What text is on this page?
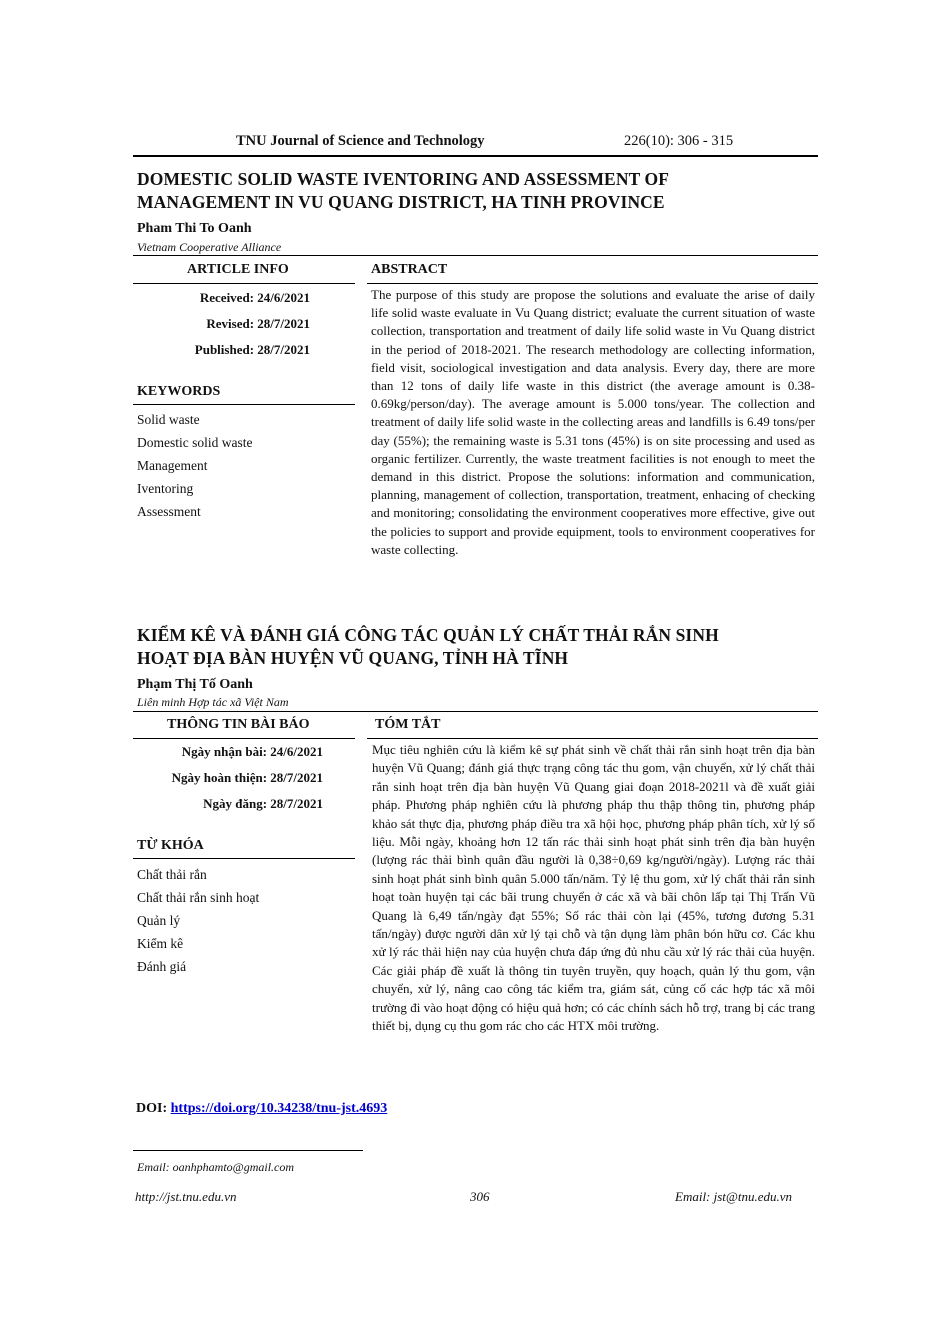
TNU Journal of Science and Technology	226(10): 306 - 315
DOMESTIC SOLID WASTE IVENTORING AND ASSESSMENT OF
MANAGEMENT IN VU QUANG DISTRICT, HA TINH PROVINCE
Pham Thi To Oanh
Vietnam Cooperative Alliance
ARTICLE INFO	ABSTRACT
Received: 24/6/2021
Revised: 28/7/2021
Published: 28/7/2021
KEYWORDS
Solid waste
Domestic solid waste
Management
Iventoring
Assessment
The purpose of this study are propose the solutions and evaluate the arise of daily life solid waste evaluate in Vu Quang district; evaluate the current situation of waste collection, transportation and treatment of daily life solid waste in Vu Quang district in the period of 2018-2021. The research methodology are collecting information, field visit, sociological investigation and data analysis. Every day, there are more than 12 tons of daily life waste in this district (the average amount is 0.38-0.69kg/person/day). The average amount is 5.000 tons/year. The collection and treatment of daily life solid waste in the collecting areas and landfills is 6.49 tons/per day (55%); the remaining waste is 5.31 tons (45%) is on site processing and used as organic fertilizer. Currently, the waste treatment facilities is not enough to meet the demand in this district. Propose the solutions: information and communication, planning, management of collection, transportation, treatment, enhacing of checking and monitoring; consolidating the environment cooperatives more effective, give out the policies to support and provide equipment, tools to environment cooperatives for waste collecting.
KIỂM KÊ VÀ ĐÁNH GIÁ CÔNG TÁC QUẢN LÝ CHẤT THẢI RẮN SINH
HOẠT ĐỊA BÀN HUYỆN VŨ QUANG, TỈNH HÀ TĨNH
Phạm Thị Tố Oanh
Liên minh Hợp tác xã Việt Nam
THÔNG TIN BÀI BÁO	TÓM TẮT
Ngày nhận bài: 24/6/2021
Ngày hoàn thiện: 28/7/2021
Ngày đăng: 28/7/2021
TỪ KHÓA
Chất thải rắn
Chất thải rắn sinh hoạt
Quản lý
Kiểm kê
Đánh giá
Mục tiêu nghiên cứu là kiểm kê sự phát sinh về chất thải rắn sinh hoạt trên địa bàn huyện Vũ Quang; đánh giá thực trạng công tác thu gom, vận chuyển, xử lý chất thải rắn sinh hoạt trên địa bàn huyện Vũ Quang giai đoạn 2018-2021l và đề xuất giải pháp. Phương pháp nghiên cứu là phương pháp thu thập thông tin, phương pháp khảo sát thực địa, phương pháp điều tra xã hội học, phương pháp phân tích, xử lý số liệu. Mỗi ngày, khoảng hơn 12 tấn rác thải sinh hoạt phát sinh trên địa bàn huyện (lượng rác thải bình quân đầu người là 0,38÷0,69 kg/người/ngày). Lượng rác thải sinh hoạt phát sinh bình quân 5.000 tấn/năm. Tỷ lệ thu gom, xử lý chất thải rắn sinh hoạt toàn huyện tại các bãi trung chuyển ở các xã và bãi chôn lấp tại Thị Trấn Vũ Quang là 6,49 tấn/ngày đạt 55%; Số rác thải còn lại (45%, tương đương 5.31 tấn/ngày) được người dân xử lý tại chỗ và tận dụng làm phân bón hữu cơ. Các khu xử lý rác thải hiện nay của huyện chưa đáp ứng đủ nhu cầu xử lý rác thải của huyện. Các giải pháp đề xuất là thông tin tuyên truyền, quy hoạch, quản lý thu gom, vận chuyển, xử lý, nâng cao công tác kiểm tra, giám sát, củng cố các hợp tác xã môi trường đi vào hoạt động có hiệu quả hơn; có các chính sách hỗ trợ, trang bị các trang thiết bị, dụng cụ thu gom rác cho các HTX môi trường.
DOI: https://doi.org/10.34238/tnu-jst.4693
Email: oanhphamto@gmail.com
http://jst.tnu.edu.vn	306	Email: jst@tnu.edu.vn
